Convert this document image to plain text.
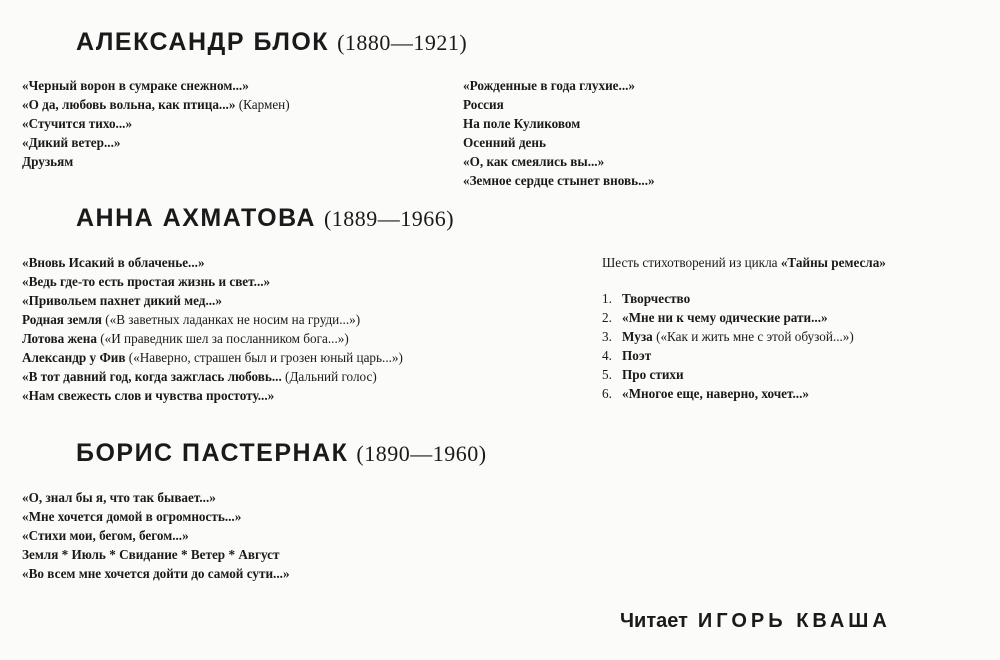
АЛЕКСАНДР БЛОК (1880—1921)
«Черный ворон в сумраке снежном...»
«О да, любовь вольна, как птица...» (Кармен)
«Стучится тихо...»
«Дикий ветер...»
Друзьям
«Рожденные в года глухие...»
Россия
На поле Куликовом
Осенний день
«О, как смеялись вы...»
«Земное сердце стынет вновь...»
АННА АХМАТОВА (1889—1966)
«Вновь Исакий в облаченье...»
«Ведь где-то есть простая жизнь и свет...»
«Привольем пахнет дикий мед...»
Родная земля («В заветных ладанках не носим на груди...»)
Лотова жена («И праведник шел за посланником бога...»)
Александр у Фив («Наверно, страшен был и грозен юный царь...»)
«В тот давний год, когда зажглась любовь... (Дальний голос)
«Нам свежесть слов и чувства простоту...»
Шесть стихотворений из цикла «Тайны ремесла»
1. Творчество
2. «Мне ни к чему одические рати...»
3. Муза («Как и жить мне с этой обузой...»)
4. Поэт
5. Про стихи
6. «Многое еще, наверно, хочет...»
БОРИС ПАСТЕРНАК (1890—1960)
«О, знал бы я, что так бывает...»
«Мне хочется домой в огромность...»
«Стихи мои, бегом, бегом...»
Земля * Июль * Свидание * Ветер * Август
«Во всем мне хочется дойти до самой сути...»
Читает ИГОРЬ КВАША
